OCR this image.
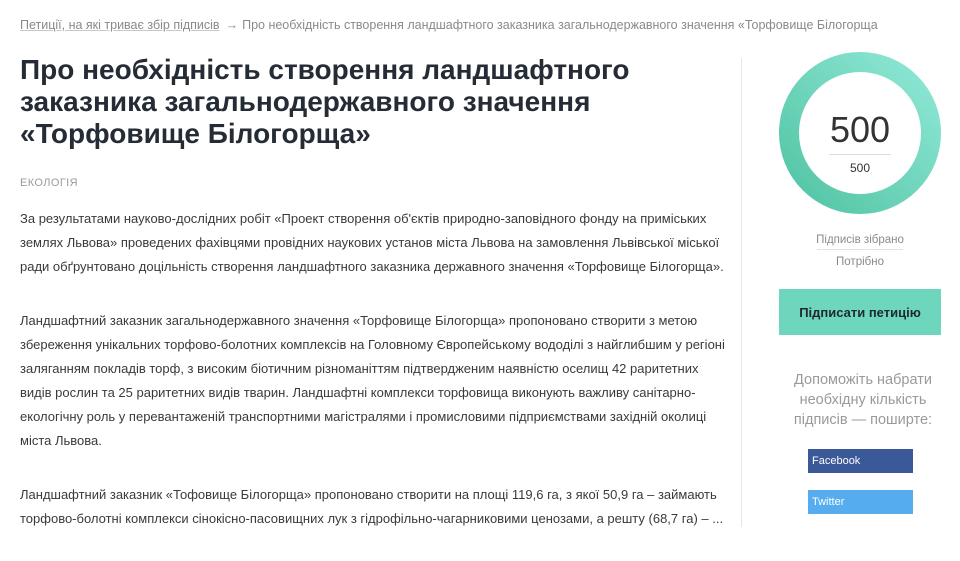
Петиції, на які триває збір підписів → Про необхідність створення ландшафтного заказника загальнодержавного значення «Торфовище Білогорща
Про необхідність створення ландшафтного заказника загальнодержавного значення «Торфовище Білогорща»
ЕКОЛОГІЯ

За результатами науково-дослідних робіт «Проект створення об'єктів природно-заповідного фонду на приміських землях Львова» проведених фахівцями провідних наукових установ міста Львова на замовлення Львівської міської ради обґрунтовано доцільність створення ландшафтного заказника державного значення «Торфовище Білогорща».

Ландшафтний заказник загальнодержавного значення «Торфовище Білогорща» пропоновано створити з метою збереження унікальних торфово-болотних комплексів на Головному Європейському вододілі з найглибшим у регіоні заляганням покладів торф, з високим біотичним різноманіттям підтвердженим наявністю оселищ 42 раритетних видів рослин та 25 раритетних видів тварин. Ландшафтні комплекси торфовища виконують важливу санітарно-екологічну роль у перевантаженій транспортними магістралями і промисловими підприємствами західній околиці міста Львова.

Ландшафтний заказник «Тофовище Білогорща» пропоновано створити на площі 119,6 га, з якої 50,9 га – займають торфово-болотні комплекси сінокісно-пасовищних лук з гідрофільно-чагарниковими ценозами, а решту (68,7 га) – ...

500
500
Підписів зібрано
Потрібно
Підписати петицію
Допоможіть набрати необхідну кількість підписів — поширте:
Facebook
Twitter
